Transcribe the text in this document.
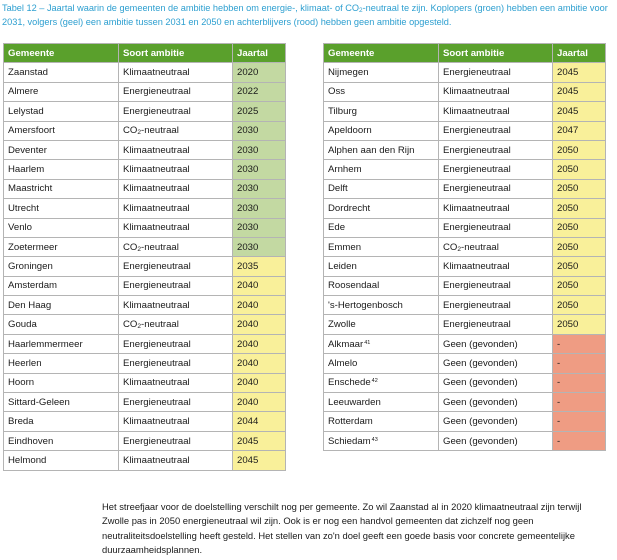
Tabel 12 – Jaartal waarin de gemeenten de ambitie hebben om energie-, klimaat- of $CO_2$-neutraal te zijn. Koplopers (groen) hebben een ambitie voor 2031, volgers (geel) een ambitie tussen 2031 en 2050 en achterblijvers (rood) hebben geen ambitie opgesteld.
Gemeente	Soort ambitie	Jaartal
Zaanstad	Klimaatneutraal	2020
Almere	Energieneutraal	2022
Lelystad	Energieneutraal	2025
Amersfoort	$CO_2$-neutraal	2030
Deventer	Klimaatneutraal	2030
Haarlem	Klimaatneutraal	2030
Maastricht	Klimaatneutraal	2030
Utrecht	Klimaatneutraal	2030
Venlo	Klimaatneutraal	2030
Zoetermeer	$CO_2$-neutraal	2030
Groningen	Energieneutraal	2035
Amsterdam	Energieneutraal	2040
Den Haag	Klimaatneutraal	2040
Gouda	$CO_2$-neutraal	2040
Haarlemmermeer	Energieneutraal	2040
Heerlen	Energieneutraal	2040
Hoorn	Klimaatneutraal	2040
Sittard-Geleen	Energieneutraal	2040
Breda	Klimaatneutraal	2044
Eindhoven	Energieneutraal	2045
Helmond	Klimaatneutraal	2045
Gemeente	Soort ambitie	Jaartal
Nijmegen	Energieneutraal	2045
Oss	Klimaatneutraal	2045
Tilburg	Klimaatneutraal	2045
Apeldoorn	Energieneutraal	2047
Alphen aan den Rijn	Energieneutraal	2050
Arnhem	Energieneutraal	2050
Delft	Energieneutraal	2050
Dordrecht	Klimaatneutraal	2050
Ede	Energieneutraal	2050
Emmen	$CO_2$-neutraal	2050
Leiden	Klimaatneutraal	2050
Roosendaal	Energieneutraal	2050
's-Hertogenbosch	Energieneutraal	2050
Zwolle	Energieneutraal	2050
Alkmaar$^{41}$	Geen (gevonden)	-
Almelo	Geen (gevonden)	-
Enschede$^{42}$	Geen (gevonden)	-
Leeuwarden	Geen (gevonden)	-
Rotterdam	Geen (gevonden)	-
Schiedam$^{43}$	Geen (gevonden)	-
Het streefjaar voor de doelstelling verschilt nog per gemeente. Zo wil Zaanstad al in 2020 klimaatneutraal zijn terwijl Zwolle pas in 2050 energieneutraal wil zijn. Ook is er nog een handvol gemeenten dat zichzelf nog geen neutraliteitsdoelstelling heeft gesteld. Het stellen van zo'n doel geeft een goede basis voor concrete gemeentelijke duurzaamheidsplannen.
